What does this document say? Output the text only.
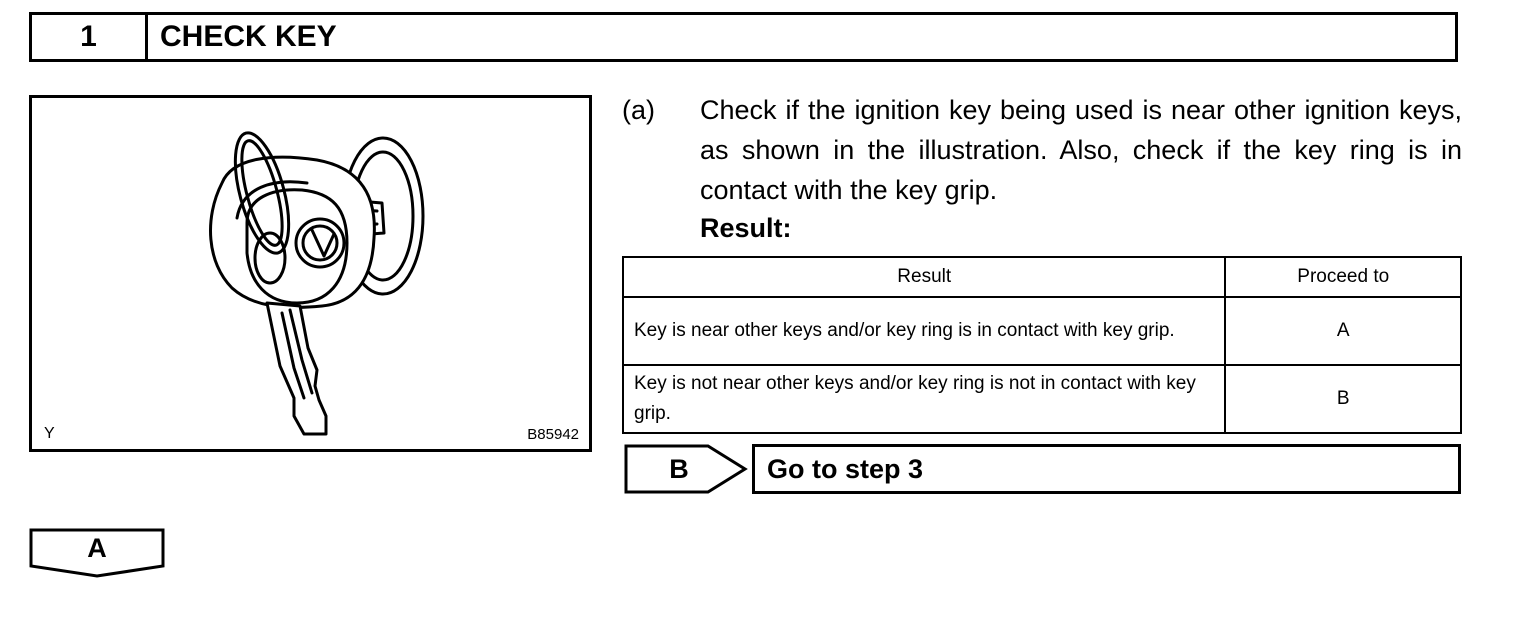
1	CHECK KEY
Y	B85942
(a)	Check if the ignition key being used is near other ignition keys, as shown in the illustration. Also, check if the key ring is in contact with the key grip.
Result:
Result	Proceed to
Key is near other keys and/or key ring is in contact with key grip.	A
Key is not near other keys and/or key ring is not in contact with key grip.	B
B	Go to step 3
A
